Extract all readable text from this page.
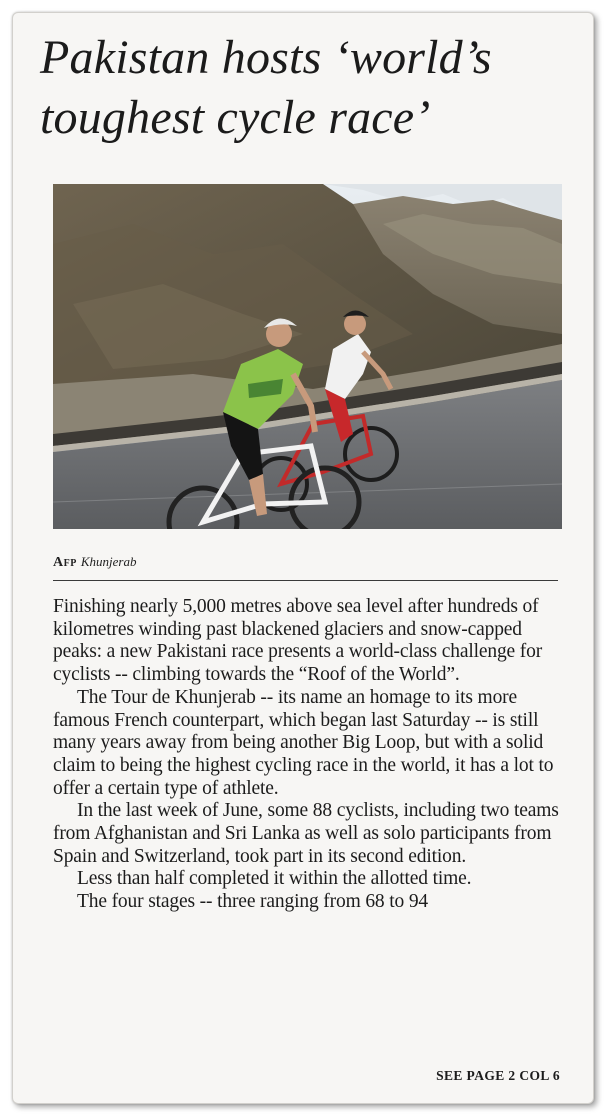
Pakistan hosts ‘world’s toughest cycle race’
Afp Khunjerab

Finishing nearly 5,000 metres above sea level after hundreds of kilometres winding past blackened glaciers and snow-capped peaks: a new Pakistani race presents a world-class challenge for cyclists -- climbing towards the “Roof of the World”.

The Tour de Khunjerab -- its name an homage to its more famous French counterpart, which began last Saturday -- is still many years away from being another Big Loop, but with a solid claim to being the highest cycling race in the world, it has a lot to offer a certain type of athlete.

In the last week of June, some 88 cyclists, including two teams from Afghanistan and Sri Lanka as well as solo participants from Spain and Switzerland, took part in its second edition.

Less than half completed it within the allotted time.

The four stages -- three ranging from 68 to 94

SEE PAGE 2 COL 6
